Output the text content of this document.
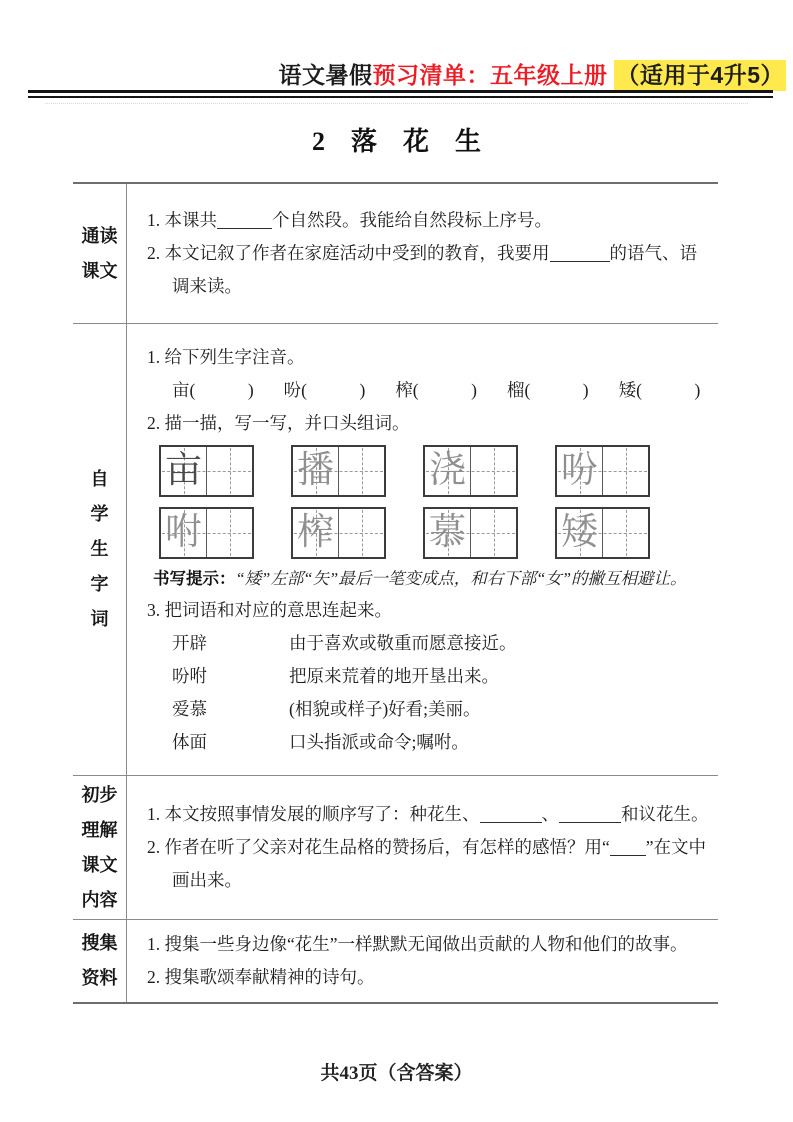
语文暑假预习清单：五年级上册 （适用于4升5）
2　落　花　生
通读
课文
1. 本课共	个自然段。我能给自然段标上序号。
2. 本文记叙了作者在家庭活动中受到的教育，我要用	的语气、语调来读。
自
学
生
字
词
1. 给下列生字注音。
亩(　　　) 吩(　　　) 榨(　　　) 榴(　　　) 矮(　　　)
2. 描一描，写一写，并口头组词。
亩	播	浇	吩
咐	榨	慕	矮
书写提示：“矮”左部“矢”最后一笔变成点，和右下部“女”的撇互相避让。
3. 把词语和对应的意思连起来。
开辟	由于喜欢或敬重而愿意接近。
吩咐	把原来荒着的地开垦出来。
爱慕	(相貌或样子)好看;美丽。
体面	口头指派或命令;嘱咐。
初步
理解
课文
内容
1. 本文按照事情发展的顺序写了：种花生、	、	和议花生。
2. 作者在听了父亲对花生品格的赞扬后，有怎样的感悟？用“ ”在文中画出来。
搜集
资料
1. 搜集一些身边像“花生”一样默默无闻做出贡献的人物和他们的故事。
2. 搜集歌颂奉献精神的诗句。
共43页（含答案）
